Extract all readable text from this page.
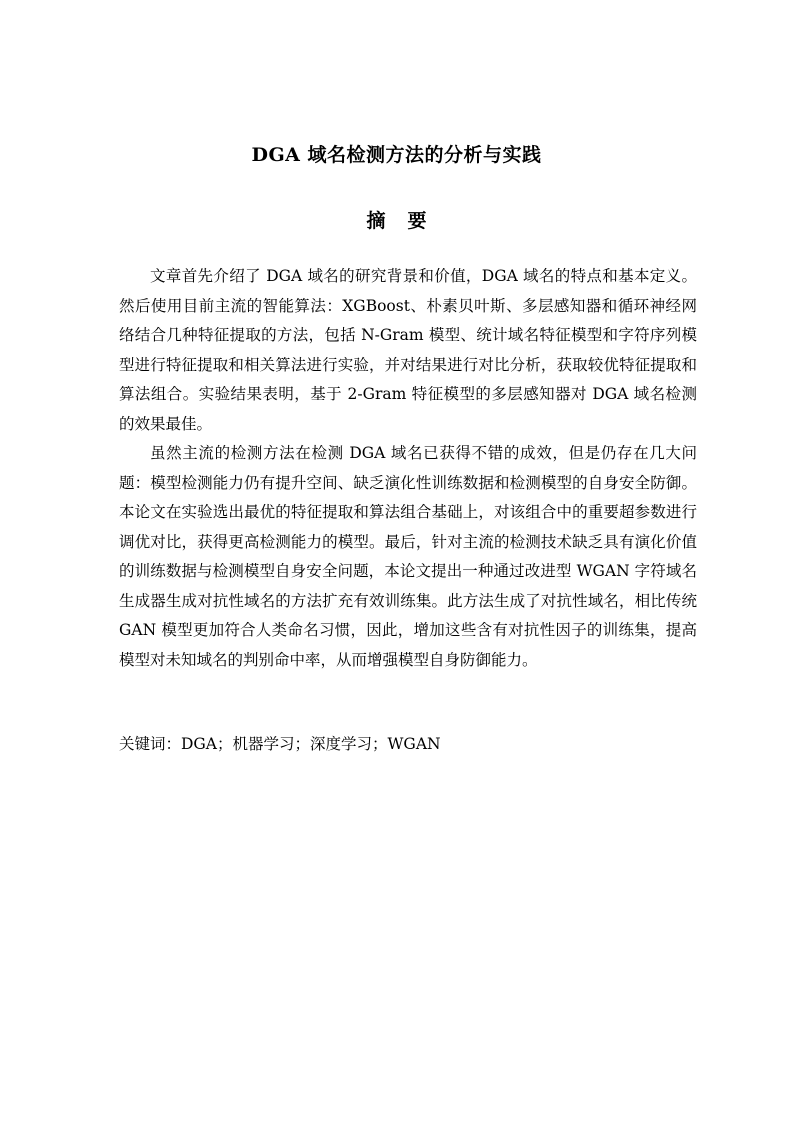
DGA 域名检测方法的分析与实践
摘 要

文章首先介绍了 DGA 域名的研究背景和价值，DGA 域名的特点和基本定义。然后使用目前主流的智能算法：XGBoost、朴素贝叶斯、多层感知器和循环神经网络结合几种特征提取的方法，包括 N-Gram 模型、统计域名特征模型和字符序列模型进行特征提取和相关算法进行实验，并对结果进行对比分析，获取较优特征提取和算法组合。实验结果表明，基于 2-Gram 特征模型的多层感知器对 DGA 域名检测的效果最佳。

虽然主流的检测方法在检测 DGA 域名已获得不错的成效，但是仍存在几大问题：模型检测能力仍有提升空间、缺乏演化性训练数据和检测模型的自身安全防御。本论文在实验选出最优的特征提取和算法组合基础上，对该组合中的重要超参数进行调优对比，获得更高检测能力的模型。最后，针对主流的检测技术缺乏具有演化价值的训练数据与检测模型自身安全问题，本论文提出一种通过改进型 WGAN 字符域名生成器生成对抗性域名的方法扩充有效训练集。此方法生成了对抗性域名，相比传统 GAN 模型更加符合人类命名习惯，因此，增加这些含有对抗性因子的训练集，提高模型对未知域名的判别命中率，从而增强模型自身防御能力。

关键词：DGA；机器学习；深度学习；WGAN
